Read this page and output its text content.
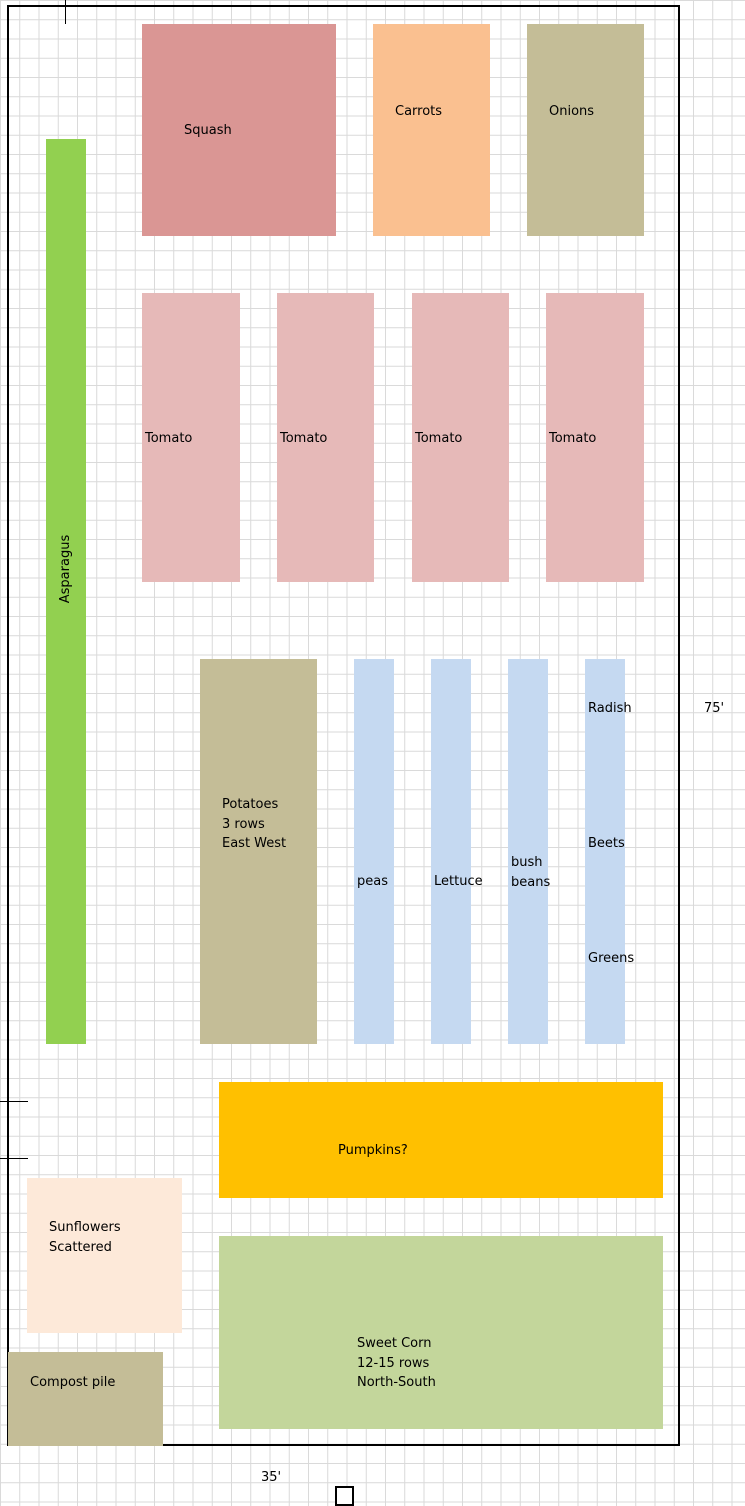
Squash
Carrots	Onions
Asparagus
Tomato	Tomato	Tomato	Tomato
Potatoes
3 rows
East West
peas	Lettuce
bush
beans
Radish
Beets
Greens
75'
Pumpkins?
Sunflowers
Scattered
Sweet Corn
12-15 rows
North-South
Compost pile
35'
